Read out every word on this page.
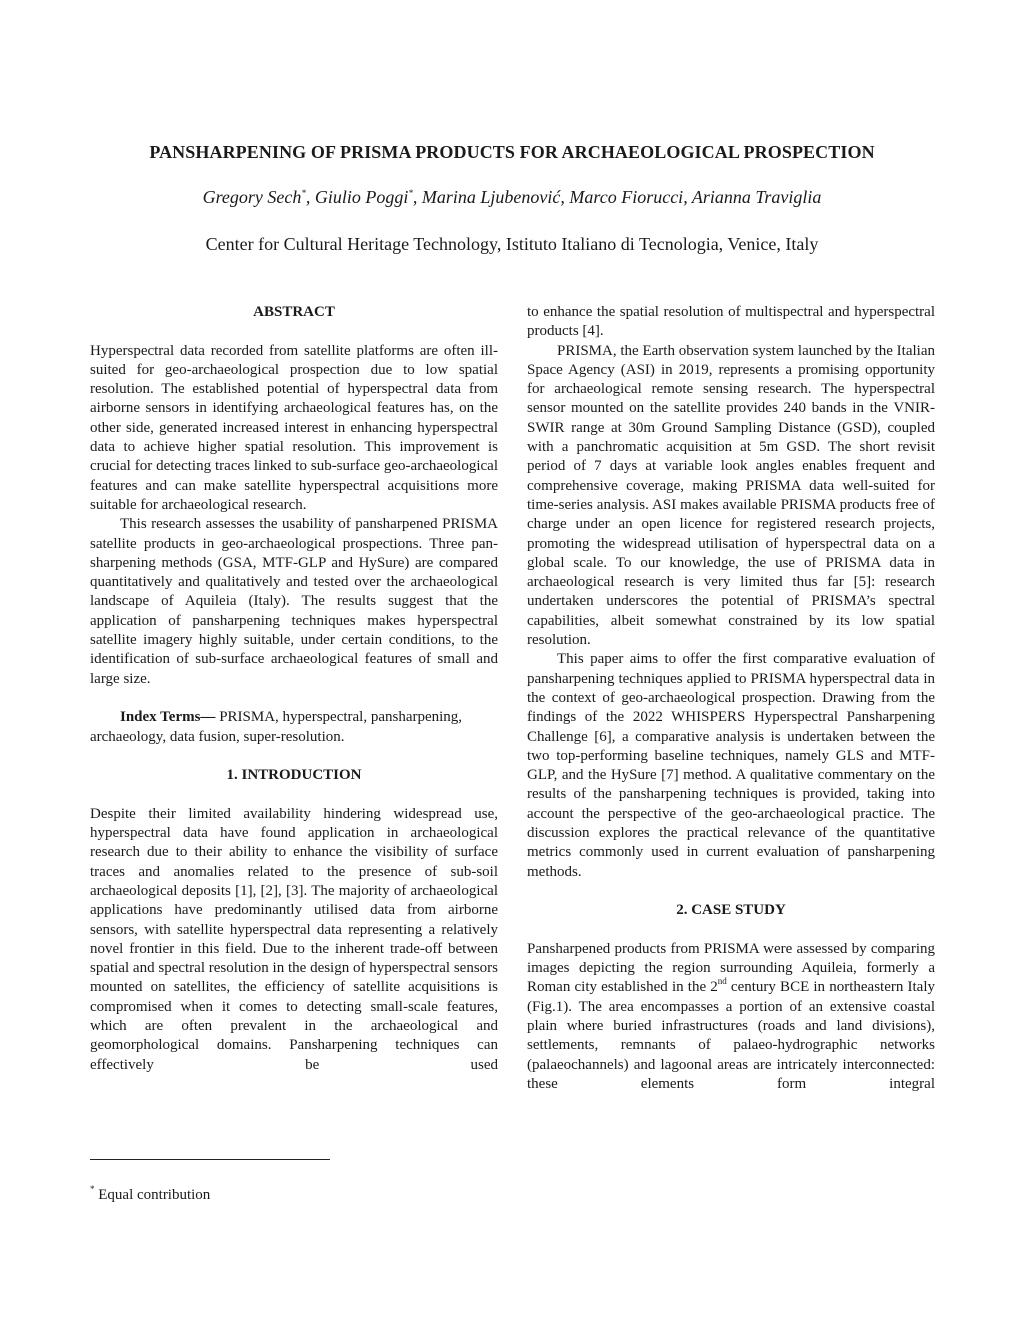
PANSHARPENING OF PRISMA PRODUCTS FOR ARCHAEOLOGICAL PROSPECTION
Gregory Sech*, Giulio Poggi*, Marina Ljubenović, Marco Fiorucci, Arianna Traviglia
Center for Cultural Heritage Technology, Istituto Italiano di Tecnologia, Venice, Italy
ABSTRACT

Hyperspectral data recorded from satellite platforms are often ill-suited for geo-archaeological prospection due to low spatial resolution. The established potential of hyperspectral data from airborne sensors in identifying archaeological features has, on the other side, generated increased interest in enhancing hyperspectral data to achieve higher spatial resolution. This improvement is crucial for detecting traces linked to sub-surface geo-archaeological features and can make satellite hyperspectral acquisitions more suitable for archaeological research.

This research assesses the usability of pansharpened PRISMA satellite products in geo-archaeological prospections. Three pan-sharpening methods (GSA, MTF-GLP and HySure) are compared quantitatively and qualitatively and tested over the archaeological landscape of Aquileia (Italy). The results suggest that the application of pansharpening techniques makes hyperspectral satellite imagery highly suitable, under certain conditions, to the identification of sub-surface archaeological features of small and large size.

Index Terms— PRISMA, hyperspectral, pansharpening, archaeology, data fusion, super-resolution.

1. INTRODUCTION

Despite their limited availability hindering widespread use, hyperspectral data have found application in archaeological research due to their ability to enhance the visibility of surface traces and anomalies related to the presence of sub-soil archaeological deposits [1], [2], [3]. The majority of archaeological applications have predominantly utilised data from airborne sensors, with satellite hyperspectral data representing a relatively novel frontier in this field. Due to the inherent trade-off between spatial and spectral resolution in the design of hyperspectral sensors mounted on satellites, the efficiency of satellite acquisitions is compromised when it comes to detecting small-scale features, which are often prevalent in the archaeological and geomorphological domains. Pansharpening techniques can effectively be used

to enhance the spatial resolution of multispectral and hyperspectral products [4].

PRISMA, the Earth observation system launched by the Italian Space Agency (ASI) in 2019, represents a promising opportunity for archaeological remote sensing research. The hyperspectral sensor mounted on the satellite provides 240 bands in the VNIR-SWIR range at 30m Ground Sampling Distance (GSD), coupled with a panchromatic acquisition at 5m GSD. The short revisit period of 7 days at variable look angles enables frequent and comprehensive coverage, making PRISMA data well-suited for time-series analysis. ASI makes available PRISMA products free of charge under an open licence for registered research projects, promoting the widespread utilisation of hyperspectral data on a global scale. To our knowledge, the use of PRISMA data in archaeological research is very limited thus far [5]: research undertaken underscores the potential of PRISMA’s spectral capabilities, albeit somewhat constrained by its low spatial resolution.

This paper aims to offer the first comparative evaluation of pansharpening techniques applied to PRISMA hyperspectral data in the context of geo-archaeological prospection. Drawing from the findings of the 2022 WHISPERS Hyperspectral Pansharpening Challenge [6], a comparative analysis is undertaken between the two top-performing baseline techniques, namely GLS and MTF-GLP, and the HySure [7] method. A qualitative commentary on the results of the pansharpening techniques is provided, taking into account the perspective of the geo-archaeological practice. The discussion explores the practical relevance of the quantitative metrics commonly used in current evaluation of pansharpening methods.

2. CASE STUDY

Pansharpened products from PRISMA were assessed by comparing images depicting the region surrounding Aquileia, formerly a Roman city established in the 2nd century BCE in northeastern Italy (Fig.1). The area encompasses a portion of an extensive coastal plain where buried infrastructures (roads and land divisions), settlements, remnants of palaeo-hydrographic networks (palaeochannels) and lagoonal areas are intricately interconnected: these elements form integral

* Equal contribution
